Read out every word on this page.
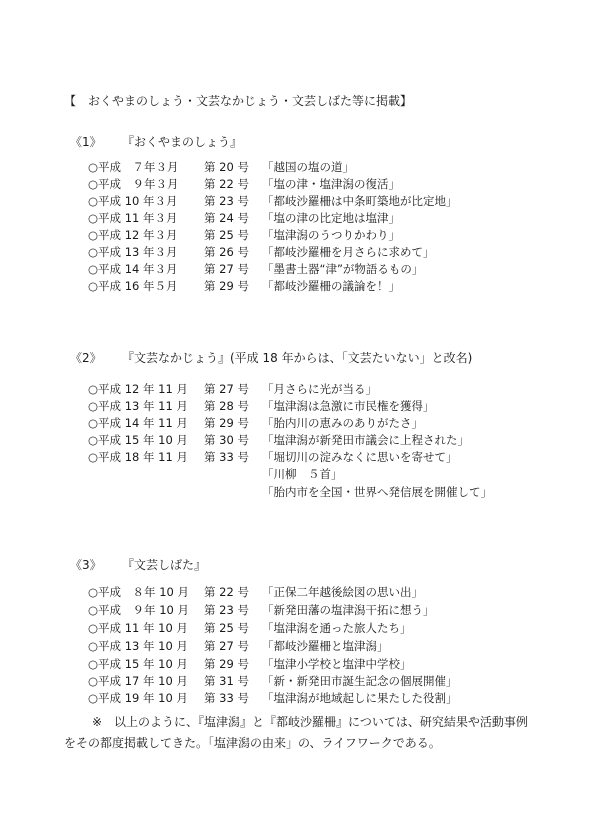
【　おくやまのしょう・文芸なかじょう・文芸しばた等に掲載】
《1》 『おくやまのしょう』
○平成　７年３月 第 20 号 「越国の塩の道」
○平成　９年３月 第 22 号 「塩の津・塩津潟の復活」
○平成 10 年３月 第 23 号 「都岐沙羅柵は中条町築地が比定地」
○平成 11 年３月 第 24 号 「塩の津の比定地は塩津」
○平成 12 年３月 第 25 号 「塩津潟のうつりかわり」
○平成 13 年３月 第 26 号 「都岐沙羅柵を月さらに求めて」
○平成 14 年３月 第 27 号 「墨書土器“津”が物語るもの」
○平成 16 年５月 第 29 号 「都岐沙羅柵の議論を！」
《2》 『文芸なかじょう』(平成 18 年からは、「文芸たいない」と改名)
○平成 12 年 11 月 第 27 号 「月さらに光が当る」
○平成 13 年 11 月 第 28 号 「塩津潟は急激に市民権を獲得」
○平成 14 年 11 月 第 29 号 「胎内川の恵みのありがたさ」
○平成 15 年 10 月 第 30 号 「塩津潟が新発田市議会に上程された」
○平成 18 年 11 月 第 33 号 「堀切川の淀みなくに思いを寄せて」
「川柳　５首」
「胎内市を全国・世界へ発信展を開催して」
《3》 『文芸しばた』
○平成　８年 10 月 第 22 号 「正保二年越後絵図の思い出」
○平成　９年 10 月 第 23 号 「新発田藩の塩津潟干拓に想う」
○平成 11 年 10 月 第 25 号 「塩津潟を通った旅人たち」
○平成 13 年 10 月 第 27 号 「都岐沙羅柵と塩津潟」
○平成 15 年 10 月 第 29 号 「塩津小学校と塩津中学校」
○平成 17 年 10 月 第 31 号 「新・新発田市誕生記念の個展開催」
○平成 19 年 10 月 第 33 号 「塩津潟が地域起しに果たした役割」
※　以上のように、『塩津潟』と『都岐沙羅柵』については、研究結果や活動事例をその都度掲載してきた。「塩津潟の由来」の、ライフワークである。
